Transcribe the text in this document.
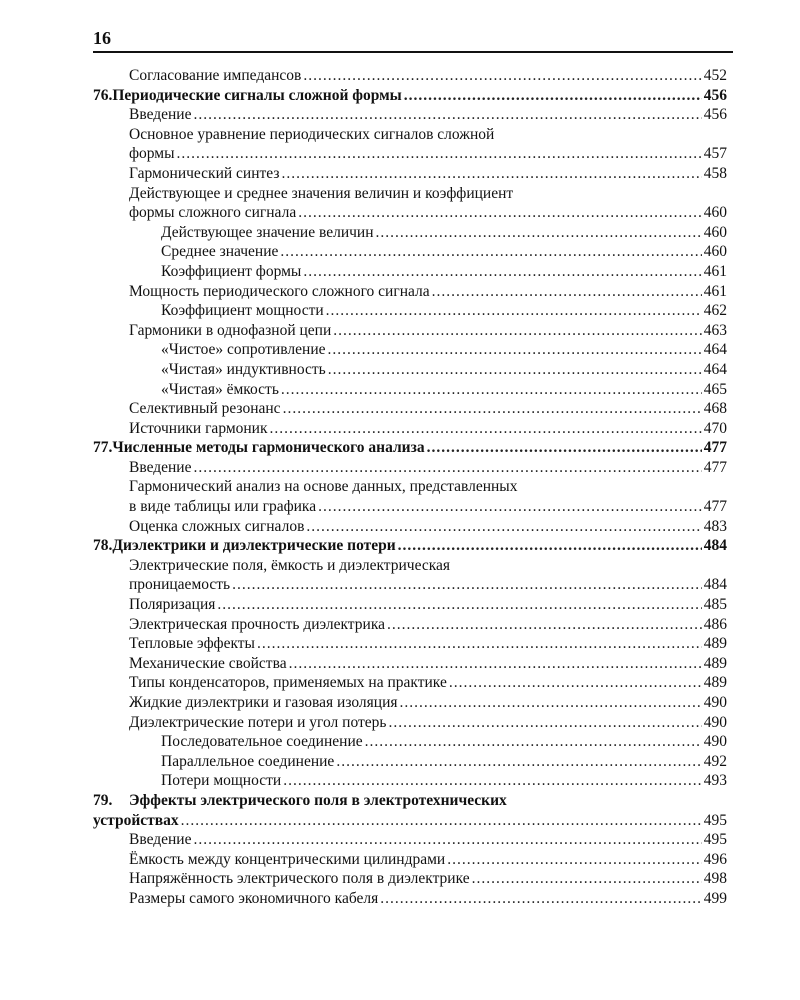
16
Согласование импедансов .....	452
76. Периодические сигналы сложной формы .....	456
Введение .....	456
Основное уравнение периодических сигналов сложной
формы .....	457
Гармонический синтез .....	458
Действующее и среднее значения величин и коэффициент
формы сложного сигнала .....	460
Действующее значение величин .....	460
Среднее значение .....	460
Коэффициент формы .....	461
Мощность периодического сложного сигнала .....	461
Коэффициент мощности .....	462
Гармоники в однофазной цепи .....	463
«Чистое» сопротивление .....	464
«Чистая» индуктивность .....	464
«Чистая» ёмкость .....	465
Селективный резонанс .....	468
Источники гармоник .....	470
77. Численные методы гармонического анализа .....	477
Введение .....	477
Гармонический анализ на основе данных, представленных
в виде таблицы или графика .....	477
Оценка сложных сигналов .....	483
78. Диэлектрики и диэлектрические потери .....	484
Электрические поля, ёмкость и диэлектрическая
проницаемость .....	484
Поляризация .....	485
Электрическая прочность диэлектрика .....	486
Тепловые эффекты .....	489
Механические свойства .....	489
Типы конденсаторов, применяемых на практике .....	489
Жидкие диэлектрики и газовая изоляция .....	490
Диэлектрические потери и угол потерь .....	490
Последовательное соединение .....	490
Параллельное соединение .....	492
Потери мощности .....	493
79. Эффекты электрического поля в электротехнических
устройствах .....	495
Введение .....	495
Ёмкость между концентрическими цилиндрами .....	496
Напряжённость электрического поля в диэлектрике .....	498
Размеры самого экономичного кабеля .....	499
